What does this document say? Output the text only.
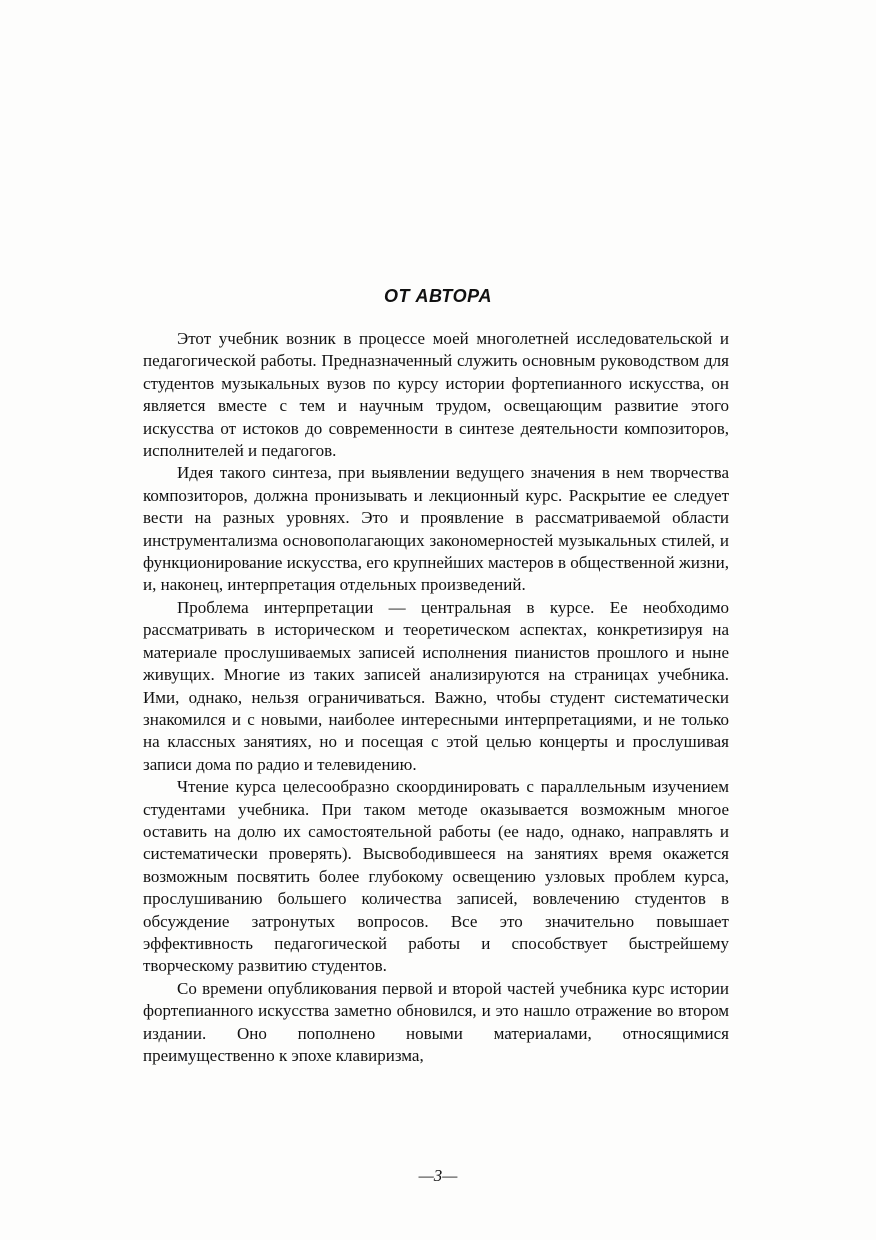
ОТ АВТОРА

Этот учебник возник в процессе моей многолетней исследовательской и педагогической работы. Предназначенный служить основным руководством для студентов музыкальных вузов по курсу истории фортепианного искусства, он является вместе с тем и научным трудом, освещающим развитие этого искусства от истоков до современности в синтезе деятельности композиторов, исполнителей и педагогов.

Идея такого синтеза, при выявлении ведущего значения в нем творчества композиторов, должна пронизывать и лекционный курс. Раскрытие ее следует вести на разных уровнях. Это и проявление в рассматриваемой области инструментализма основополагающих закономерностей музыкальных стилей, и функционирование искусства, его крупнейших мастеров в общественной жизни, и, наконец, интерпретация отдельных произведений.

Проблема интерпретации — центральная в курсе. Ее необходимо рассматривать в историческом и теоретическом аспектах, конкретизируя на материале прослушиваемых записей исполнения пианистов прошлого и ныне живущих. Многие из таких записей анализируются на страницах учебника. Ими, однако, нельзя ограничиваться. Важно, чтобы студент систематически знакомился и с новыми, наиболее интересными интерпретациями, и не только на классных занятиях, но и посещая с этой целью концерты и прослушивая записи дома по радио и телевидению.

Чтение курса целесообразно скоординировать с параллельным изучением студентами учебника. При таком методе оказывается возможным многое оставить на долю их самостоятельной работы (ее надо, однако, направлять и систематически проверять). Высвободившееся на занятиях время окажется возможным посвятить более глубокому освещению узловых проблем курса, прослушиванию большего количества записей, вовлечению студентов в обсуждение затронутых вопросов. Все это значительно повышает эффективность педагогической работы и способствует быстрейшему творческому развитию студентов.

Со времени опубликования первой и второй частей учебника курс истории фортепианного искусства заметно обновился, и это нашло отражение во втором издании. Оно пополнено новыми материалами, относящимися преимущественно к эпохе клавиризма,

—3—
